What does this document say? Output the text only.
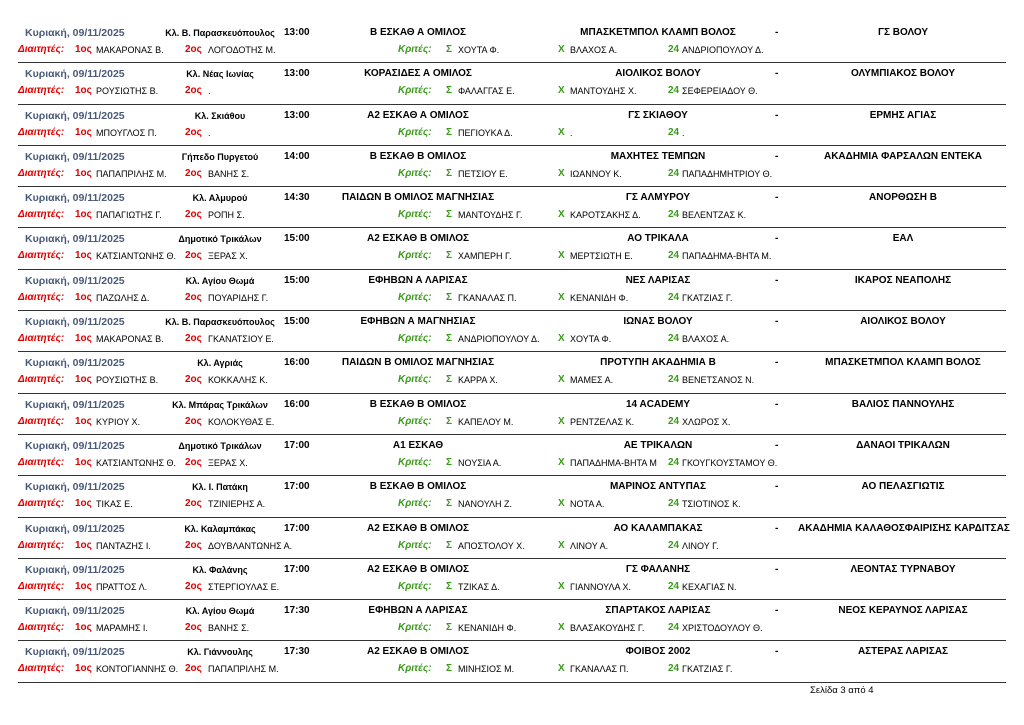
Κυριακή, 09/11/2025	Κλ. Β. Παρασκευόπουλος 13:00	Β ΕΣΚΑΘ Α ΟΜΙΛΟΣ	ΜΠΑΣΚΕΤΜΠΟΛ ΚΛΑΜΠ ΒΟΛΟΣ	-	ΓΣ ΒΟΛΟΥ
Διαιτητές: 1ος ΜΑΚΑΡΟΝΑΣ Β. 2ος ΛΟΓΟΔΟΤΗΣ Μ.	Κριτές: Σ ΧΟΥΤΑ Φ.	Χ ΒΛΑΧΟΣ Α.	24 ΑΝΔΡΙΟΠΟΥΛΟΥ Δ.
Κυριακή, 09/11/2025	Κλ. Νέας Ιωνίας	13:00	ΚΟΡΑΣΙΔΕΣ Α ΟΜΙΛΟΣ	ΑΙΟΛΙΚΟΣ ΒΟΛΟΥ	-	ΟΛΥΜΠΙΑΚΟΣ ΒΟΛΟΥ
Διαιτητές: 1ος ΡΟΥΣΙΩΤΗΣ Β.	2ος .	Κριτές: Σ ΦΑΛΑΓΓΑΣ Ε.	Χ ΜΑΝΤΟΥΔΗΣ Χ.	24 ΣΕΦΕΡΕΙΑΔΟΥ Θ.
Κυριακή, 09/11/2025	Κλ. Σκιάθου	13:00	Α2 ΕΣΚΑΘ Α ΟΜΙΛΟΣ	ΓΣ ΣΚΙΑΘΟΥ	-	ΕΡΜΗΣ ΑΓΙΑΣ
Διαιτητές: 1ος ΜΠΟΥΓΛΟΣ Π.	2ος .	Κριτές: Σ ΠΕΓΙΟΥΚΑ Δ.	Χ .	24 .
Κυριακή, 09/11/2025	Γήπεδο Πυργετού	14:00	Β ΕΣΚΑΘ Β ΟΜΙΛΟΣ	ΜΑΧΗΤΕΣ ΤΕΜΠΩΝ	-	ΑΚΑΔΗΜΙΑ ΦΑΡΣΑΛΩΝ ΕΝΤΕΚΑ
Διαιτητές: 1ος ΠΑΠΑΠΡΙΛΗΣ Μ. 2ος ΒΑΝΗΣ Σ.	Κριτές: Σ ΠΕΤΣΙΟΥ Ε.	Χ ΙΩΑΝΝΟΥ Κ.	24 ΠΑΠΑΔΗΜΗΤΡΙΟΥ Θ.
Κυριακή, 09/11/2025	Κλ. Αλμυρού	14:30	ΠΑΙΔΩΝ Β ΟΜΙΛΟΣ ΜΑΓΝΗΣΙΑΣ	ΓΣ ΑΛΜΥΡΟΥ	-	ΑΝΟΡΘΩΣΗ Β
Διαιτητές: 1ος ΠΑΠΑΓΙΩΤΗΣ Γ. 2ος ΡΟΠΗ Σ.	Κριτές: Σ ΜΑΝΤΟΥΔΗΣ Γ.	Χ ΚΑΡΟΤΣΑΚΗΣ Δ.	24 ΒΕΛΕΝΤΖΑΣ Κ.
Κυριακή, 09/11/2025	Δημοτικό Τρικάλων	15:00	Α2 ΕΣΚΑΘ Β ΟΜΙΛΟΣ	ΑΟ ΤΡΙΚΑΛΑ	-	ΕΑΛ
Διαιτητές: 1ος ΚΑΤΣΙΑΝΤΩΝΗΣ Θ. 2ος ΞΕΡΑΣ Χ.	Κριτές: Σ ΧΑΜΠΕΡΗ Γ.	Χ ΜΕΡΤΣΙΩΤΗ Ε.	24 ΠΑΠΑΔΗΜΑ-ΒΗΤΑ Μ.
Κυριακή, 09/11/2025	Κλ. Αγίου Θωμά	15:00	ΕΦΗΒΩΝ Α ΛΑΡΙΣΑΣ	ΝΕΣ ΛΑΡΙΣΑΣ	-	ΙΚΑΡΟΣ ΝΕΑΠΟΛΗΣ
Διαιτητές: 1ος ΠΑΖΩΛΗΣ Δ.	2ος ΠΟΥΑΡΙΔΗΣ Γ.	Κριτές: Σ ΓΚΑΝΑΛΑΣ Π.	Χ ΚΕΝΑΝΙΔΗ Φ.	24 ΓΚΑΤΖΙΑΣ Γ.
Κυριακή, 09/11/2025	Κλ. Β. Παρασκευόπουλος 15:00	ΕΦΗΒΩΝ Α ΜΑΓΝΗΣΙΑΣ	ΙΩΝΑΣ ΒΟΛΟΥ	-	ΑΙΟΛΙΚΟΣ ΒΟΛΟΥ
Διαιτητές: 1ος ΜΑΚΑΡΟΝΑΣ Β. 2ος ΓΚΑΝΑΤΣΙΟΥ Ε.	Κριτές: Σ ΑΝΔΡΙΟΠΟΥΛΟΥ Δ. Χ ΧΟΥΤΑ Φ.	24 ΒΛΑΧΟΣ Α.
Κυριακή, 09/11/2025	Κλ. Αγριάς	16:00	ΠΑΙΔΩΝ Β ΟΜΙΛΟΣ ΜΑΓΝΗΣΙΑΣ	ΠΡΟΤΥΠΗ ΑΚΑΔΗΜΙΑ Β	-	ΜΠΑΣΚΕΤΜΠΟΛ ΚΛΑΜΠ ΒΟΛΟΣ
Διαιτητές: 1ος ΡΟΥΣΙΩΤΗΣ Β.	2ος ΚΟΚΚΑΛΗΣ Κ.	Κριτές: Σ ΚΑΡΡΑ Χ.	Χ ΜΑΜΕΣ Α.	24 ΒΕΝΕΤΣΑΝΟΣ Ν.
Κυριακή, 09/11/2025	Κλ. Μπάρας Τρικάλων	16:00	Β ΕΣΚΑΘ Β ΟΜΙΛΟΣ	14 ACADEMY	-	ΒΑΛΙΟΣ ΠΑΝΝΟΥΛΗΣ
Διαιτητές: 1ος ΚΥΡΙΟΥ Χ.	2ος ΚΟΛΟΚΥΘΑΣ Ε.	Κριτές: Σ ΚΑΠΕΛΟΥ Μ.	Χ ΡΕΝΤΖΕΛΑΣ Κ.	24 ΧΛΩΡΟΣ Χ.
Κυριακή, 09/11/2025	Δημοτικό Τρικάλων	17:00	Α1 ΕΣΚΑΘ	ΑΕ ΤΡΙΚΑΛΩΝ	-	ΔΑΝΑΟΙ ΤΡΙΚΑΛΩΝ
Διαιτητές: 1ος ΚΑΤΣΙΑΝΤΩΝΗΣ Θ. 2ος ΞΕΡΑΣ Χ.	Κριτές: Σ ΝΟΥΣΙΑ Α.	Χ ΠΑΠΑΔΗΜΑ-ΒΗΤΑ Μ 24 ΓΚΟΥΓΚΟΥΣΤΑΜΟΥ Θ.
Κυριακή, 09/11/2025	Κλ. Ι. Πατάκη	17:00	Β ΕΣΚΑΘ Β ΟΜΙΛΟΣ	ΜΑΡΙΝΟΣ ΑΝΤΥΠΑΣ	-	ΑΟ ΠΕΛΑΣΓΙΩΤΙΣ
Διαιτητές: 1ος ΤΙΚΑΣ Ε.	2ος ΤΖΙΝΙΕΡΗΣ Α.	Κριτές: Σ ΝΑΝΟΥΛΗ Ζ.	Χ ΝΟΤΑ Α.	24 ΤΣΙΟΤΙΝΟΣ Κ.
Κυριακή, 09/11/2025	Κλ. Καλαμπάκας	17:00	Α2 ΕΣΚΑΘ Β ΟΜΙΛΟΣ	ΑΟ ΚΑΛΑΜΠΑΚΑΣ	- ΑΚΑΔΗΜΙΑ ΚΑΛΑΘΟΣΦΑΙΡΙΣΗΣ ΚΑΡΔΙΤΣΑΣ
Διαιτητές: 1ος ΠΑΝΤΑΖΗΣ Ι.	2ος ΔΟΥΒΛΑΝΤΩΝΗΣ Α.	Κριτές: Σ ΑΠΟΣΤΟΛΟΥ Χ.	Χ ΛΙΝΟΥ Α.	24 ΛΙΝΟΥ Γ.
Κυριακή, 09/11/2025	Κλ. Φαλάνης	17:00	Α2 ΕΣΚΑΘ Β ΟΜΙΛΟΣ	ΓΣ ΦΑΛΑΝΗΣ	-	ΛΕΟΝΤΑΣ ΤΥΡΝΑΒΟΥ
Διαιτητές: 1ος ΠΡΑΤΤΟΣ Λ.	2ος ΣΤΕΡΓΙΟΥΛΑΣ Ε.	Κριτές: Σ ΤΖΙΚΑΣ Δ.	Χ ΓΙΑΝΝΟΥΛΑ Χ.	24 ΚΕΧΑΓΙΑΣ Ν.
Κυριακή, 09/11/2025	Κλ. Αγίου Θωμά	17:30	ΕΦΗΒΩΝ Α ΛΑΡΙΣΑΣ	ΣΠΑΡΤΑΚΟΣ ΛΑΡΙΣΑΣ	-	ΝΕΟΣ ΚΕΡΑΥΝΟΣ ΛΑΡΙΣΑΣ
Διαιτητές: 1ος ΜΑΡΑΜΗΣ Ι.	2ος ΒΑΝΗΣ Σ.	Κριτές: Σ ΚΕΝΑΝΙΔΗ Φ.	Χ ΒΛΑΣΑΚΟΥΔΗΣ Γ. 24 ΧΡΙΣΤΟΔΟΥΛΟΥ Θ.
Κυριακή, 09/11/2025	Κλ. Γιάννουλης	17:30	Α2 ΕΣΚΑΘ Β ΟΜΙΛΟΣ	ΦΟΙΒΟΣ 2002	-	ΑΣΤΕΡΑΣ ΛΑΡΙΣΑΣ
Διαιτητές: 1ος ΚΟΝΤΟΓΙΑΝΝΗΣ Θ. 2ος ΠΑΠΑΠΡΙΛΗΣ Μ.	Κριτές: Σ ΜΙΝΗΣΙΟΣ Μ.	Χ ΓΚΑΝΑΛΑΣ Π.	24 ΓΚΑΤΖΙΑΣ Γ.
Σελίδα 3 από 4
